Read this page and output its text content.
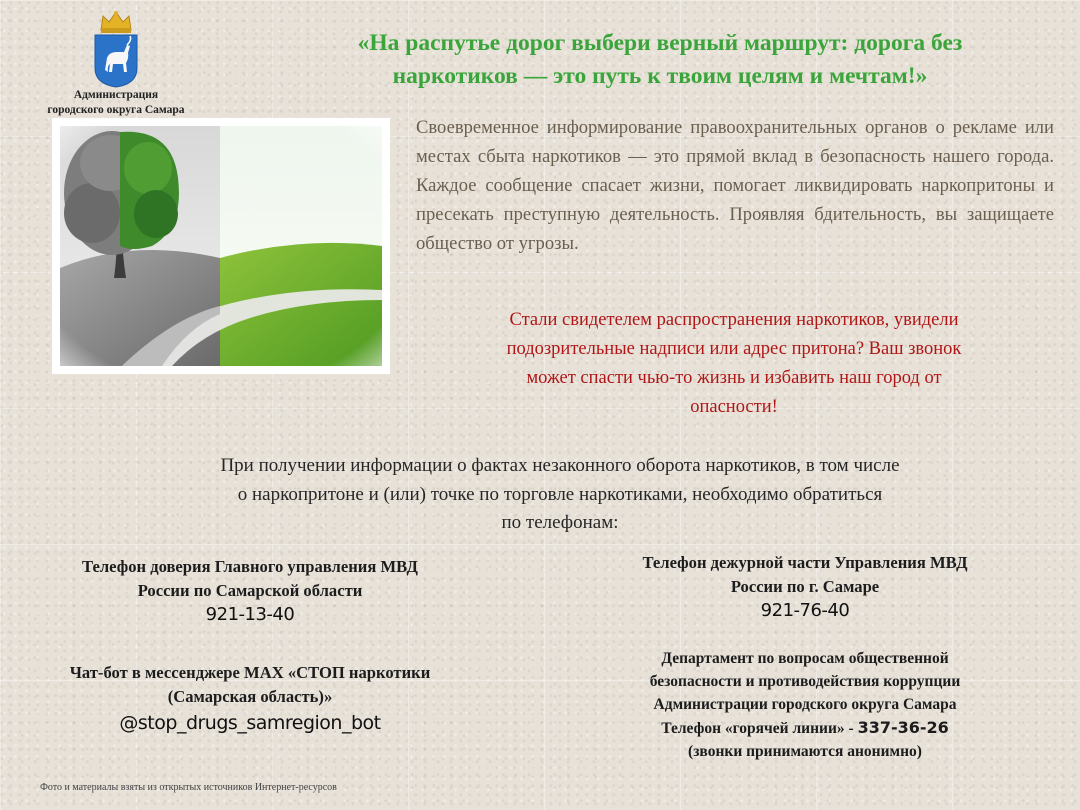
Администрация
городского округа Самара
«На распутье дорог выбери верный маршрут: дорога без
наркотиков — это путь к твоим целям и мечтам!»
Своевременное информирование правоохранительных органов о рекламе или местах сбыта наркотиков — это прямой вклад в безопасность нашего города. Каждое сообщение спасает жизни, помогает ликвидировать наркопритоны и пресекать преступную деятельность. Проявляя бдительность, вы защищаете общество от угрозы.
Стали свидетелем распространения наркотиков, увидели
подозрительные надписи или адрес притона? Ваш звонок
может спасти чью-то жизнь и избавить наш город от
опасности!
При получении информации о фактах незаконного оборота наркотиков, в том числе
о наркопритоне и (или) точке по торговле наркотиками, необходимо обратиться
по телефонам:
Телефон доверия Главного управления МВД
России по Самарской области
921-13-40
Чат-бот в мессенджере МАХ «СТОП наркотики
(Самарская область)»
@stop_drugs_samregion_bot
Телефон дежурной части Управления МВД
России по г. Самаре
921-76-40
Департамент по вопросам общественной
безопасности и противодействия коррупции
Администрации городского округа Самара
Телефон «горячей линии» - 337-36-26
(звонки принимаются анонимно)
Фото и материалы взяты из открытых источников Интернет-ресурсов
